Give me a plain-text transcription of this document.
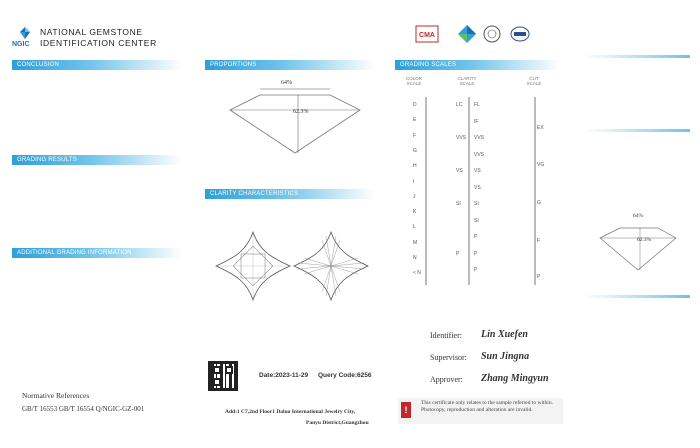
NGIC
NATIONAL GEMSTONE
IDENTIFICATION CENTER
CMA
CONCLUSION
GRADING RESULTS
ADDITIONAL GRADING INFORMATION
Normative References
GB/T 16553 GB/T 16554 Q/NGIC-GZ-001
PROPORTIONS
64%
62.3%
CLARITY CHARACTERISTICS
Date:2023-11-29 Query Code:6256
Add:1 C7,2nd Floor1 Daluo International Jewelry City,
Panyu District,Guangzhou
GRADING SCALES
COLOR SCALE
CLARITY SCALE
CUT SCALE
D
E
F
G
H
I
J
K
L
M
N
< N
LC FL
IF
VVS VVS
VVS
VS VS
VS
SI	SI
SI
P
P	P
P
EX
VG
G
F
P
Identifier: Lin Xuefen
Supervisor: Sun Jingna
Approver: Zhang Mingyun
!
This certificate only relates to the sample referred to within. Photocopy, reproduction and alteration are invalid.
64%
62.3%
